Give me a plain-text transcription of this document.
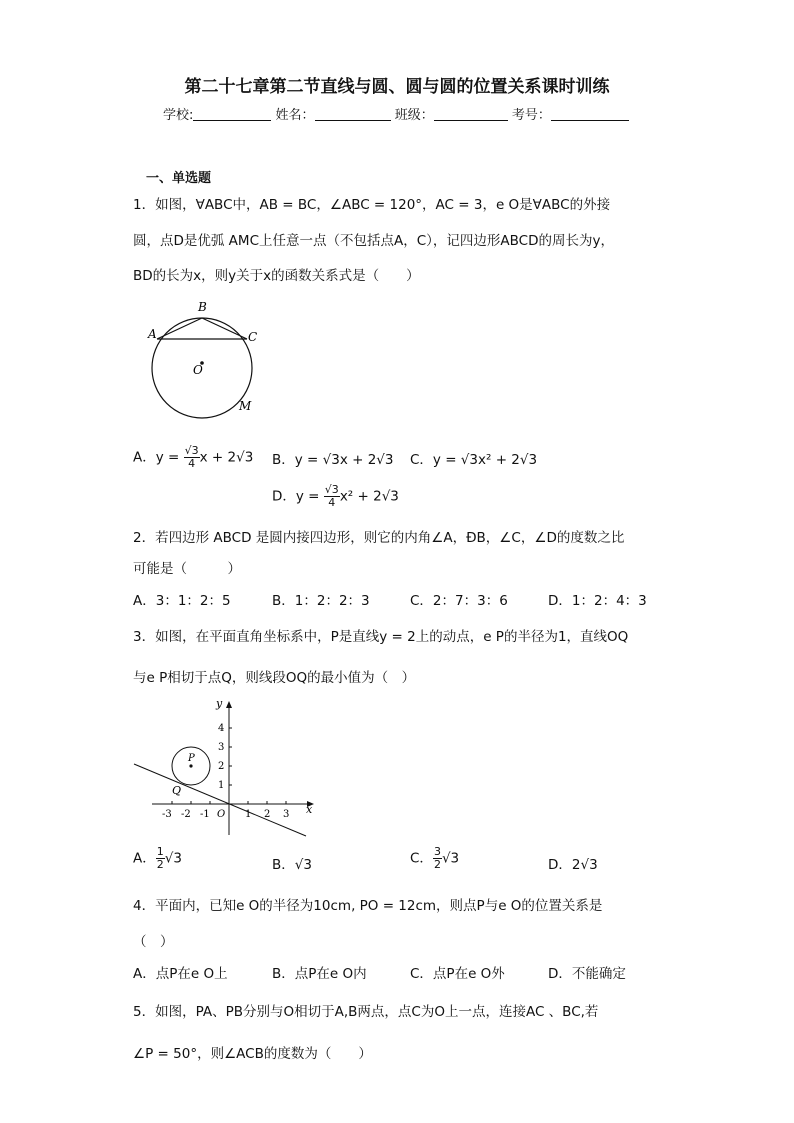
第二十七章第二节直线与圆、圆与圆的位置关系课时训练
学校:	姓名：	班级：	考号：
一、单选题
1．如图，∀ABC中，AB = BC，∠ABC = 120°，AC = 3，e O是∀ABC的外接
圆，点D是优弧 AMC上任意一点（不包括点A，C），记四边形ABCD的周长为y，
BD的长为x，则y关于x的函数关系式是（　　）
B
A	C
O
M
A．$y = \frac{√3}{4}$ x + 2√3 B．y = √3x + 2√3 C．y = √3x² + 2√3
D．$y = \frac{√3}{4} x^2 + 2√3$
2．若四边形 ABCD 是圆内接四边形，则它的内角∠A，ÐB，∠C，∠D的度数之比
可能是（　　　）
A．3：1：2：5	B．1：2：2：3	C．2：7：3：6	D．1：2：4：3
3．如图，在平面直角坐标系中，P是直线y = 2上的动点，e P的半径为1，直线OQ
与e P相切于点Q，则线段OQ的最小值为（　）
P
Q
O	x
y
-3 -2 -1	1 2 3
4
3
2
1
A． $\frac{1}{2} √3$	B．√3	C． $\frac{3}{2} √3$	D．2√3
4．平面内，已知e O的半径为10cm, PO = 12cm，则点P与e O的位置关系是
（　）
A．点P在e O上	B．点P在e O内	C．点P在e O外	D．不能确定
5．如图，PA、PB分别与O相切于A,B两点，点C为O上一点，连接AC 、BC,若
∠P = 50°，则∠ACB的度数为（　　）
